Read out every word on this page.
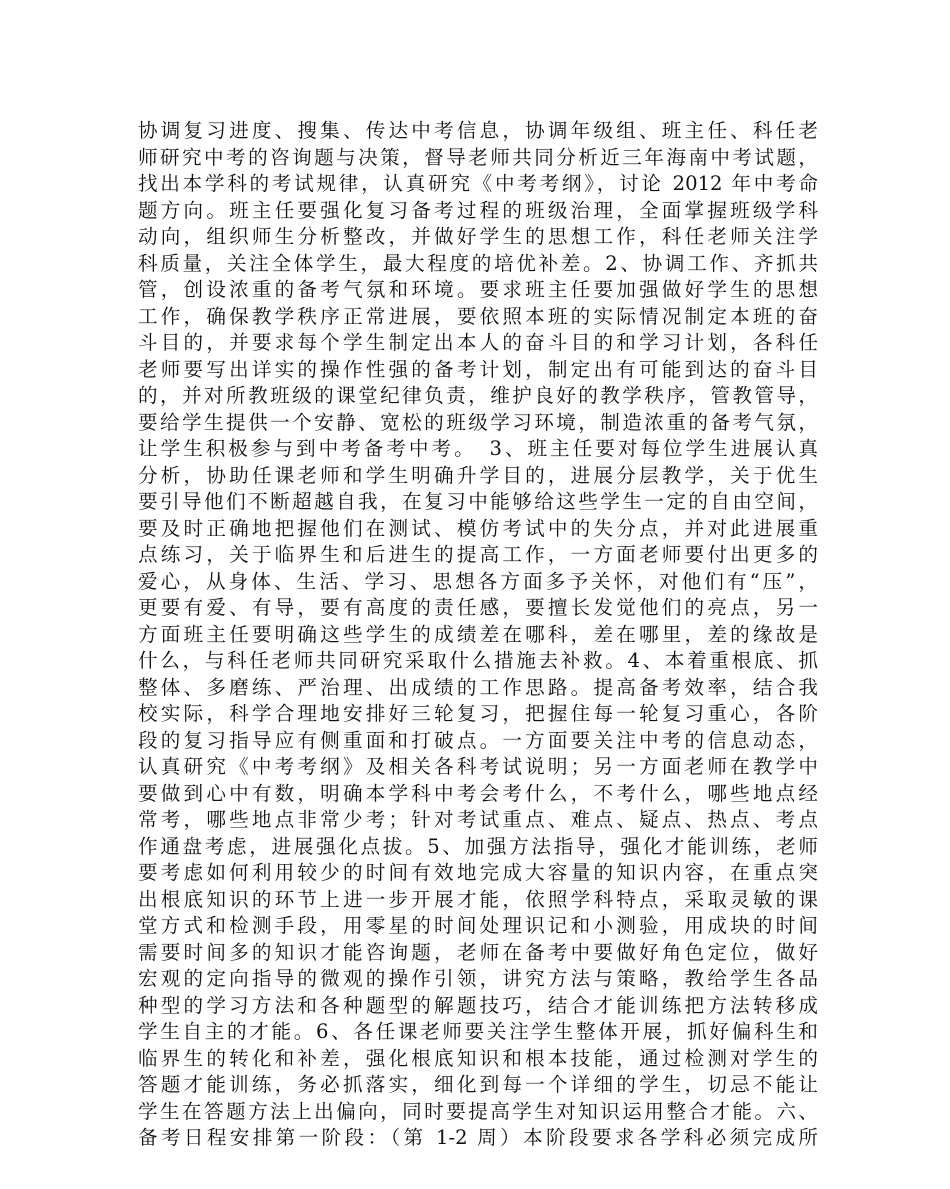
协调复习进度、搜集、传达中考信息，协调年级组、班主任、科任老
师研究中考的咨询题与决策，督导老师共同分析近三年海南中考试题，
找出本学科的考试规律，认真研究《中考考纲》，讨论 2012 年中考命
题方向。班主任要强化复习备考过程的班级治理，全面掌握班级学科
动向，组织师生分析整改，并做好学生的思想工作，科任老师关注学
科质量，关注全体学生，最大程度的培优补差。2、协调工作、齐抓共
管，创设浓重的备考气氛和环境。要求班主任要加强做好学生的思想
工作，确保教学秩序正常进展，要依照本班的实际情况制定本班的奋
斗目的，并要求每个学生制定出本人的奋斗目的和学习计划，各科任
老师要写出详实的操作性强的备考计划，制定出有可能到达的奋斗目
的，并对所教班级的课堂纪律负责，维护良好的教学秩序，管教管导，
要给学生提供一个安静、宽松的班级学习环境，制造浓重的备考气氛，
让学生积极参与到中考备考中考。　3、班主任要对每位学生进展认真
分析，协助任课老师和学生明确升学目的，进展分层教学，关于优生
要引导他们不断超越自我，在复习中能够给这些学生一定的自由空间，
要及时正确地把握他们在测试、模仿考试中的失分点，并对此进展重
点练习，关于临界生和后进生的提高工作，一方面老师要付出更多的
爱心，从身体、生活、学习、思想各方面多予关怀，对他们有“压”，
更要有爱、有导，要有高度的责任感，要擅长发觉他们的亮点，另一
方面班主任要明确这些学生的成绩差在哪科，差在哪里，差的缘故是
什么，与科任老师共同研究采取什么措施去补救。4、本着重根底、抓
整体、多磨练、严治理、出成绩的工作思路。提高备考效率，结合我
校实际，科学合理地安排好三轮复习，把握住每一轮复习重心，各阶
段的复习指导应有侧重面和打破点。一方面要关注中考的信息动态，
认真研究《中考考纲》及相关各科考试说明；另一方面老师在教学中
要做到心中有数，明确本学科中考会考什么，不考什么，哪些地点经
常考，哪些地点非常少考；针对考试重点、难点、疑点、热点、考点
作通盘考虑，进展强化点拔。5、加强方法指导，强化才能训练，老师
要考虑如何利用较少的时间有效地完成大容量的知识内容，在重点突
出根底知识的环节上进一步开展才能，依照学科特点，采取灵敏的课
堂方式和检测手段，用零星的时间处理识记和小测验，用成块的时间
需要时间多的知识才能咨询题，老师在备考中要做好角色定位，做好
宏观的定向指导的微观的操作引领，讲究方法与策略，教给学生各品
种型的学习方法和各种题型的解题技巧，结合才能训练把方法转移成
学生自主的才能。6、各任课老师要关注学生整体开展，抓好偏科生和
临界生的转化和补差，强化根底知识和根本技能，通过检测对学生的
答题才能训练，务必抓落实，细化到每一个详细的学生，切忌不能让
学生在答题方法上出偏向，同时要提高学生对知识运用整合才能。六、
备考日程安排第一阶段：（第 1-2 周）本阶段要求各学科必须完成所
